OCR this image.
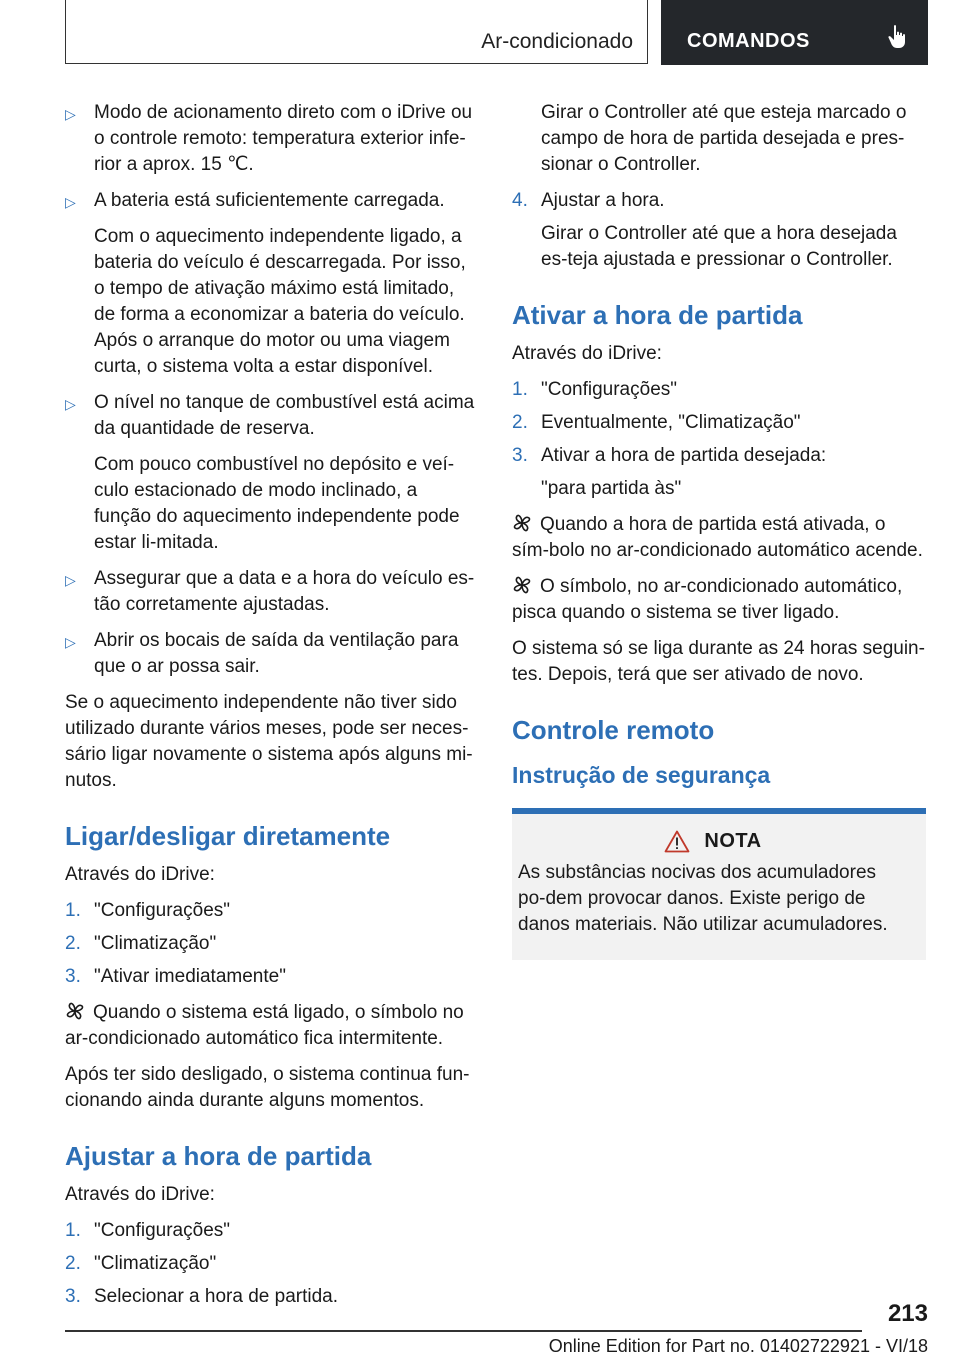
Ar-condicionado	COMANDOS
▷ Modo de acionamento direto com o iDrive ou o controle remoto: temperatura exterior infe‐rior a aprox. 15 ℃.
▷ A bateria está suficientemente carregada.
Com o aquecimento independente ligado, a bateria do veículo é descarregada. Por isso, o tempo de ativação máximo está limitado, de forma a economizar a bateria do veículo. Após o arranque do motor ou uma viagem curta, o sistema volta a estar disponível.
▷ O nível no tanque de combustível está acima da quantidade de reserva.
Com pouco combustível no depósito e veí‐culo estacionado de modo inclinado, a função do aquecimento independente pode estar li‐mitada.
▷ Assegurar que a data e a hora do veículo es‐tão corretamente ajustadas.
▷ Abrir os bocais de saída da ventilação para que o ar possa sair.
Se o aquecimento independente não tiver sido utilizado durante vários meses, pode ser neces‐sário ligar novamente o sistema após alguns mi‐nutos.
Ligar/desligar diretamente
Através do iDrive:
1. "Configurações"
2. "Climatização"
3. "Ativar imediatamente"
Quando o sistema está ligado, o símbolo no ar-condicionado automático fica intermitente.
Após ter sido desligado, o sistema continua fun‐cionando ainda durante alguns momentos.
Ajustar a hora de partida
Através do iDrive:
1. "Configurações"
2. "Climatização"
3. Selecionar a hora de partida.
Girar o Controller até que esteja marcado o campo de hora de partida desejada e pres‐sionar o Controller.
4. Ajustar a hora.
Girar o Controller até que a hora desejada es‐teja ajustada e pressionar o Controller.
Ativar a hora de partida
Através do iDrive:
1. "Configurações"
2. Eventualmente, "Climatização"
3. Ativar a hora de partida desejada:
"para partida às"
Quando a hora de partida está ativada, o sím‐bolo no ar-condicionado automático acende.
O símbolo, no ar-condicionado automático, pisca quando o sistema se tiver ligado.
O sistema só se liga durante as 24 horas seguin‐tes. Depois, terá que ser ativado de novo.
Controle remoto
Instrução de segurança
NOTA
As substâncias nocivas dos acumuladores po‐dem provocar danos. Existe perigo de danos materiais. Não utilizar acumuladores.
213
Online Edition for Part no. 01402722921 - VI/18
